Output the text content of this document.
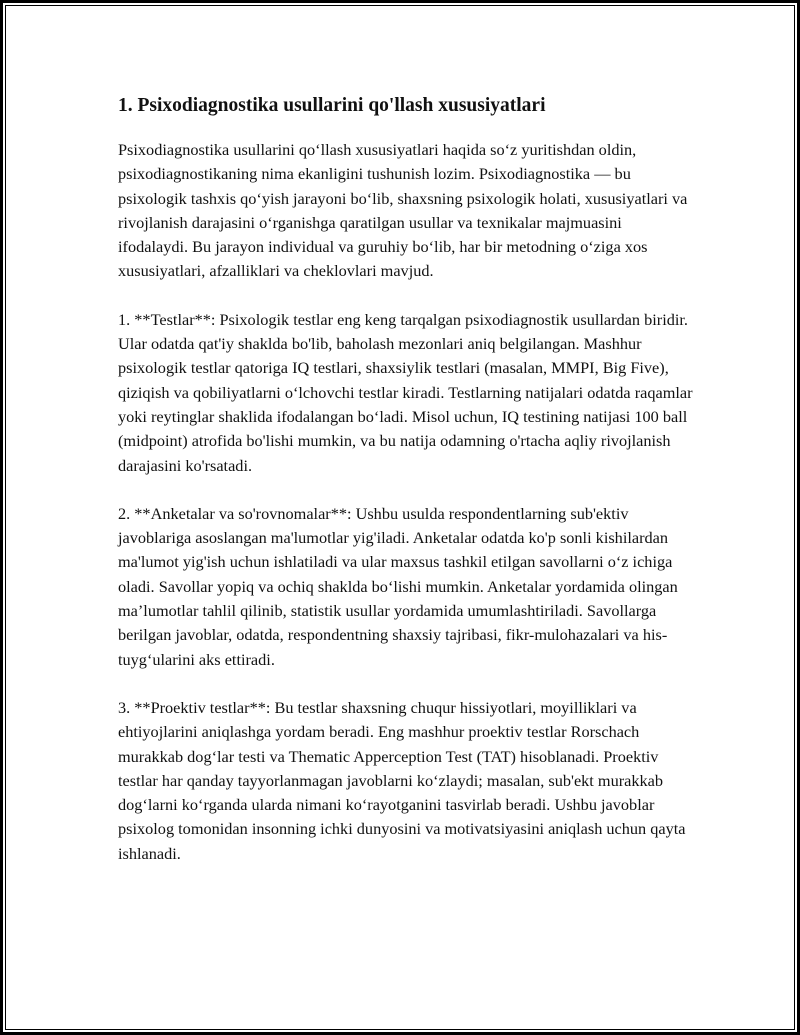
1. Psixodiagnostika usullarini qo'llash xususiyatlari

Psixodiagnostika usullarini qo‘llash xususiyatlari haqida so‘z yuritishdan oldin, psixodiagnostikaning nima ekanligini tushunish lozim. Psixodiagnostika — bu psixologik tashxis qo‘yish jarayoni bo‘lib, shaxsning psixologik holati, xususiyatlari va rivojlanish darajasini o‘rganishga qaratilgan usullar va texnikalar majmuasini ifodalaydi. Bu jarayon individual va guruhiy bo‘lib, har bir metodning o‘ziga xos xususiyatlari, afzalliklari va cheklovlari mavjud.

1. **Testlar**: Psixologik testlar eng keng tarqalgan psixodiagnostik usullardan biridir. Ular odatda qat'iy shaklda bo'lib, baholash mezonlari aniq belgilangan. Mashhur psixologik testlar qatoriga IQ testlari, shaxsiylik testlari (masalan, MMPI, Big Five), qiziqish va qobiliyatlarni o‘lchovchi testlar kiradi. Testlarning natijalari odatda raqamlar yoki reytinglar shaklida ifodalangan bo‘ladi. Misol uchun, IQ testining natijasi 100 ball (midpoint) atrofida bo'lishi mumkin, va bu natija odamning o'rtacha aqliy rivojlanish darajasini ko'rsatadi.

2. **Anketalar va so'rovnomalar**: Ushbu usulda respondentlarning sub'ektiv javoblariga asoslangan ma'lumotlar yig'iladi. Anketalar odatda ko'p sonli kishilardan ma'lumot yig'ish uchun ishlatiladi va ular maxsus tashkil etilgan savollarni o‘z ichiga oladi. Savollar yopiq va ochiq shaklda bo‘lishi mumkin. Anketalar yordamida olingan ma’lumotlar tahlil qilinib, statistik usullar yordamida umumlashtiriladi. Savollarga berilgan javoblar, odatda, respondentning shaxsiy tajribasi, fikr-mulohazalari va his-tuyg‘ularini aks ettiradi.

3. **Proektiv testlar**: Bu testlar shaxsning chuqur hissiyotlari, moyilliklari va ehtiyojlarini aniqlashga yordam beradi. Eng mashhur proektiv testlar Rorschach murakkab dog‘lar testi va Thematic Apperception Test (TAT) hisoblanadi. Proektiv testlar har qanday tayyorlanmagan javoblarni ko‘zlaydi; masalan, sub'ekt murakkab dog‘larni ko‘rganda ularda nimani ko‘rayotganini tasvirlab beradi. Ushbu javoblar psixolog tomonidan insonning ichki dunyosini va motivatsiyasini aniqlash uchun qayta ishlanadi.
